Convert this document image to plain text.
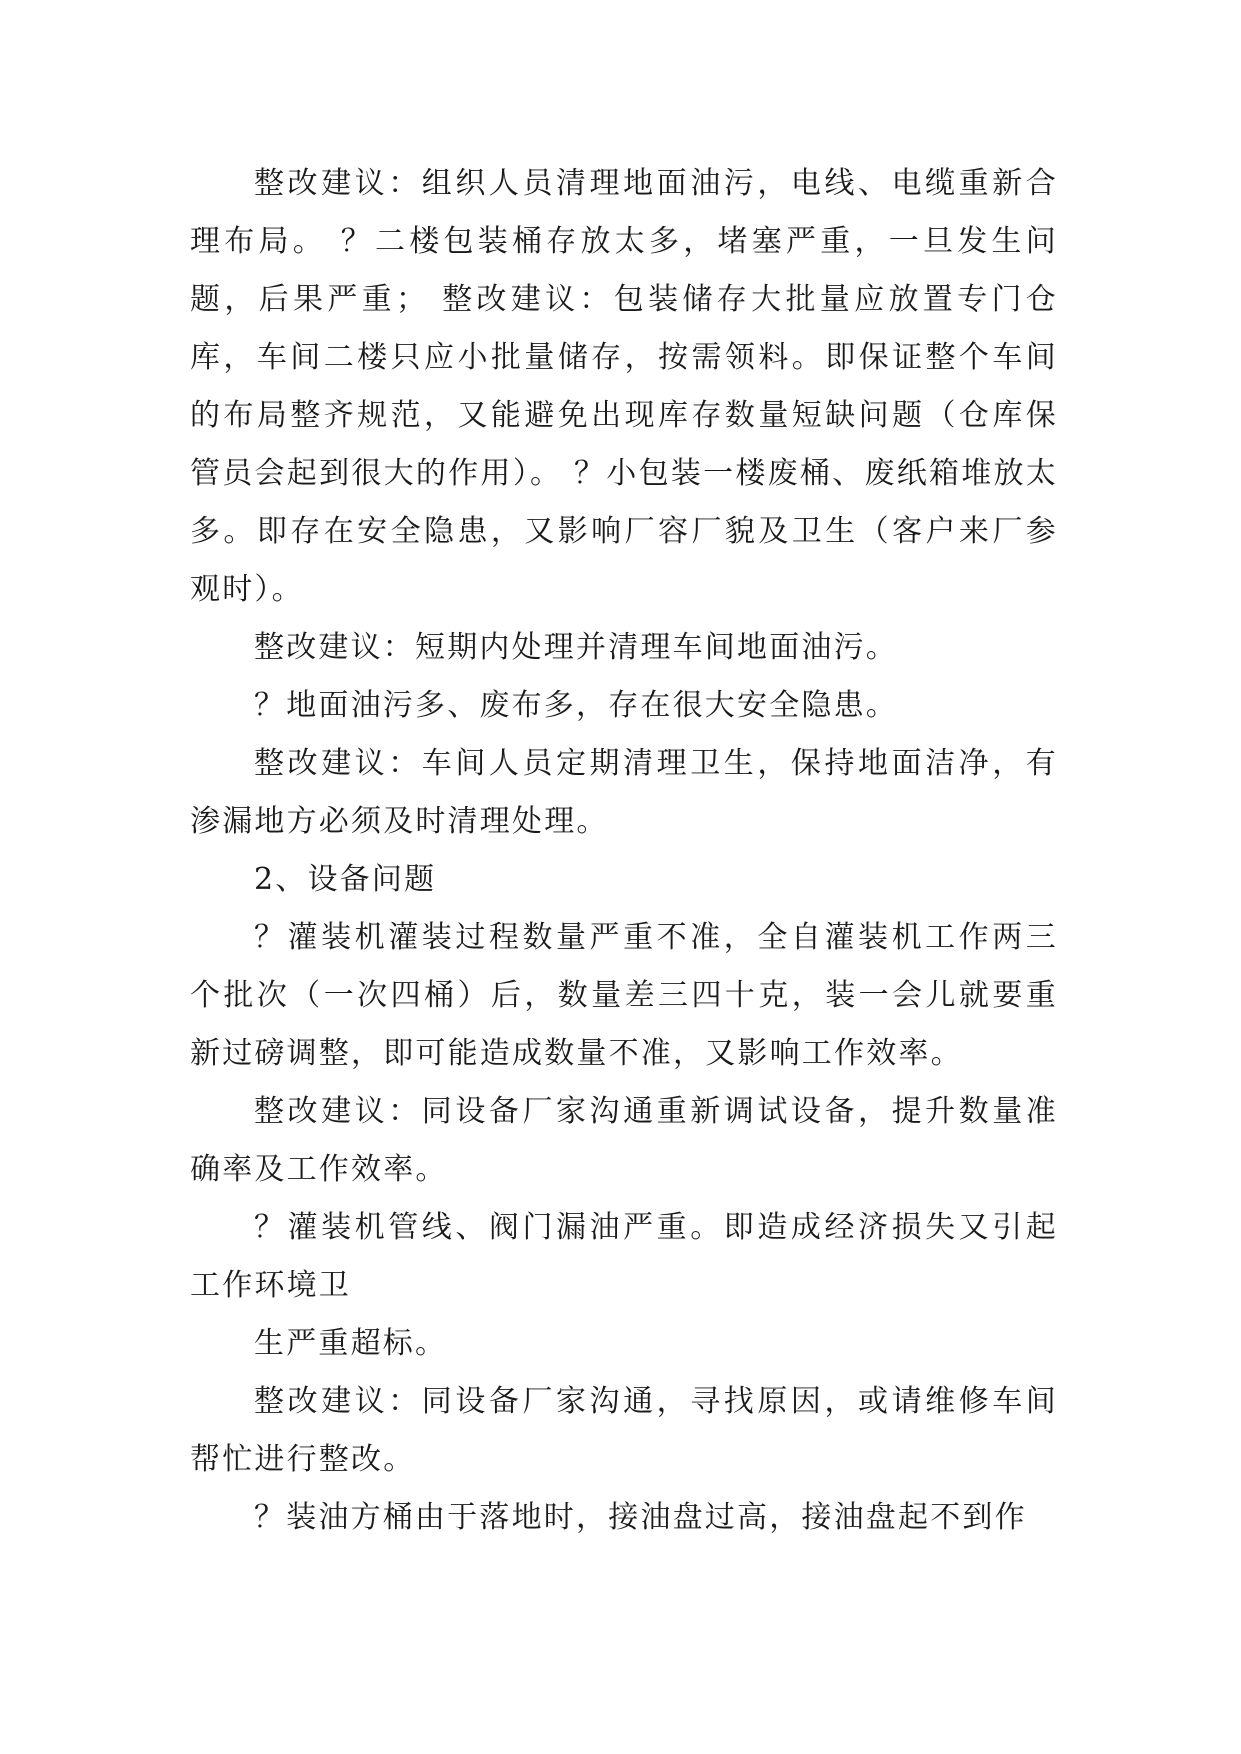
整改建议：组织人员清理地面油污，电线、电缆重新合理布局。 ？二楼包装桶存放太多，堵塞严重，一旦发生问题，后果严重； 整改建议：包装储存大批量应放置专门仓库，车间二楼只应小批量储存，按需领料。即保证整个车间的布局整齐规范，又能避免出现库存数量短缺问题（仓库保管员会起到很大的作用）。 ？小包装一楼废桶、废纸箱堆放太多。即存在安全隐患，又影响厂容厂貌及卫生（客户来厂参观时）。

整改建议：短期内处理并清理车间地面油污。

？地面油污多、废布多，存在很大安全隐患。

整改建议：车间人员定期清理卫生，保持地面洁净，有渗漏地方必须及时清理处理。

2、设备问题

？灌装机灌装过程数量严重不准，全自灌装机工作两三个批次（一次四桶）后，数量差三四十克，装一会儿就要重新过磅调整，即可能造成数量不准，又影响工作效率。

整改建议：同设备厂家沟通重新调试设备，提升数量准确率及工作效率。

？灌装机管线、阀门漏油严重。即造成经济损失又引起工作环境卫

生严重超标。

整改建议：同设备厂家沟通，寻找原因，或请维修车间帮忙进行整改。

？装油方桶由于落地时，接油盘过高，接油盘起不到作
